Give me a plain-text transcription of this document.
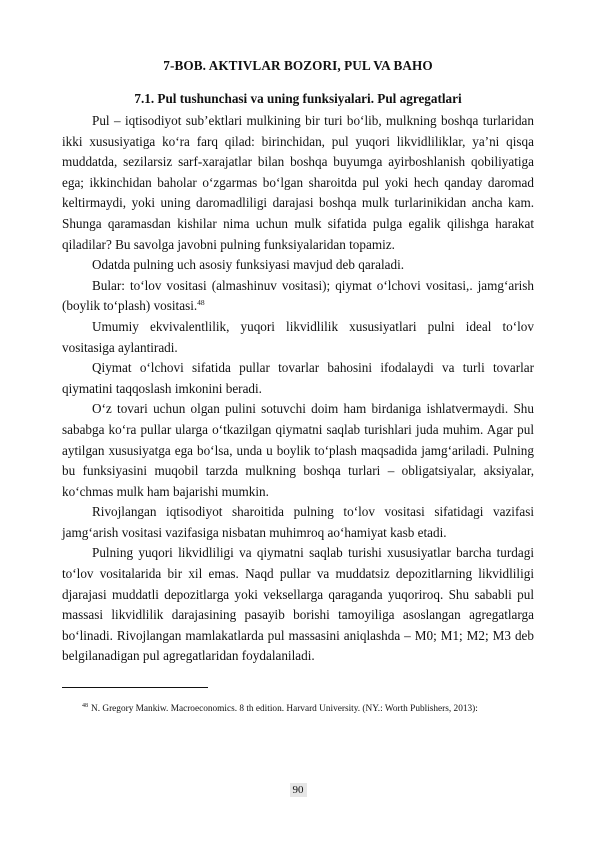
7-BOB. AKTIVLAR BOZORI, PUL VA BAHO
7.1. Pul tushunchasi va uning funksiyalari. Pul agregatlari

Pul – iqtisodiyot sub’ektlari mulkining bir turi bo‘lib, mulkning boshqa turlaridan ikki xususiyatiga ko‘ra farq qilad: birinchidan, pul yuqori likvidliliklar, ya’ni qisqa muddatda, sezilarsiz sarf-xarajatlar bilan boshqa buyumga ayirboshlanish qobiliyatiga ega; ikkinchidan baholar o‘zgarmas bo‘lgan sharoitda pul yoki hech qanday daromad keltirmaydi, yoki uning daromadliligi darajasi boshqa mulk turlarinikidan ancha kam. Shunga qaramasdan kishilar nima uchun mulk sifatida pulga egalik qilishga harakat qiladilar? Bu savolga javobni pulning funksiyalaridan topamiz.

Odatda pulning uch asosiy funksiyasi mavjud deb qaraladi.

Bular: to‘lov vositasi (almashinuv vositasi); qiymat o‘lchovi vositasi,. jamg‘arish (boylik to‘plash) vositasi.$^{48}$

Umumiy ekvivalentlilik, yuqori likvidlilik xususiyatlari pulni ideal to‘lov vositasiga aylantiradi.

Qiymat o‘lchovi sifatida pullar tovarlar bahosini ifodalaydi va turli tovarlar qiymatini taqqoslash imkonini beradi.

O‘z tovari uchun olgan pulini sotuvchi doim ham birdaniga ishlatvermaydi. Shu sababga ko‘ra pullar ularga o‘tkazilgan qiymatni saqlab turishlari juda muhim. Agar pul aytilgan xususiyatga ega bo‘lsa, unda u boylik to‘plash maqsadida jamg‘ariladi. Pulning bu funksiyasini muqobil tarzda mulkning boshqa turlari – obligatsiyalar, aksiyalar, ko‘chmas mulk ham bajarishi mumkin.

Rivojlangan iqtisodiyot sharoitida pulning to‘lov vositasi sifatidagi vazifasi jamg‘arish vositasi vazifasiga nisbatan muhimroq ao‘hamiyat kasb etadi.

Pulning yuqori likvidliligi va qiymatni saqlab turishi xususiyatlar barcha turdagi to‘lov vositalarida bir xil emas. Naqd pullar va muddatsiz depozitlarning likvidliligi djarajasi muddatli depozitlarga yoki veksellarga qaraganda yuqoriroq. Shu sababli pul massasi likvidlilik darajasining pasayib borishi tamoyiliga asoslangan agregatlarga bo‘linadi. Rivojlangan mamlakatlarda pul massasini aniqlashda – M0; M1; M2; M3 deb belgilanadigan pul agregatlaridan foydalaniladi.

$^{48}$ N. Gregory Mankiw. Macroeconomics. 8 th edition. Harvard University. (NY.: Worth Publishers, 2013):
90
